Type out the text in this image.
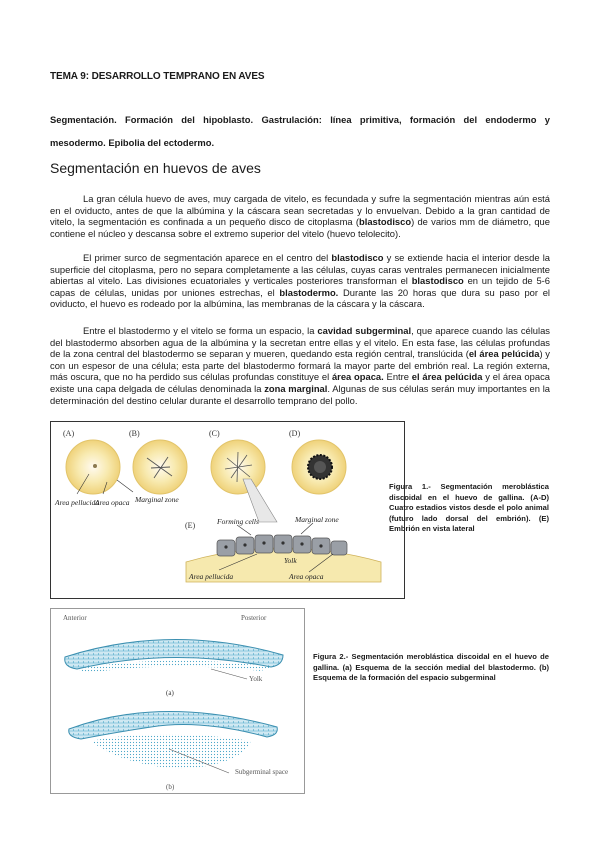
TEMA 9: DESARROLLO TEMPRANO EN AVES
Segmentación. Formación del hipoblasto. Gastrulación: línea primitiva, formación del endodermo y mesodermo. Epibolia del ectodermo.
Segmentación en huevos de aves
La gran célula huevo de aves, muy cargada de vitelo, es fecundada y sufre la segmentación mientras aún está en el oviducto, antes de que la albúmina y la cáscara sean secretadas y lo envuelvan. Debido a la gran cantidad de vitelo, la segmentación es confinada a un pequeño disco de citoplasma (blastodisco) de varios mm de diámetro, que contiene el núcleo y descansa sobre el extremo superior del vitelo (huevo telolecito).
El primer surco de segmentación aparece en el centro del blastodisco y se extiende hacia el interior desde la superficie del citoplasma, pero no separa completamente a las células, cuyas caras ventrales permanecen inicialmente abiertas al vitelo. Las divisiones ecuatoriales y verticales posteriores transforman el blastodisco en un tejido de 5-6 capas de células, unidas por uniones estrechas, el blastodermo. Durante las 20 horas que dura su paso por el oviducto, el huevo es rodeado por la albúmina, las membranas de la cáscara y la cáscara.
Entre el blastodermo y el vitelo se forma un espacio, la cavidad subgerminal, que aparece cuando las células del blastodermo absorben agua de la albúmina y la secretan entre ellas y el vitelo. En esta fase, las células profundas de la zona central del blastodermo se separan y mueren, quedando esta región central, translúcida (el área pelúcida) y con un espesor de una célula; esta parte del blastodermo formará la mayor parte del embrión real. La región externa, más oscura, que no ha perdido sus células profundas constituye el área opaca. Entre el área pelúcida y el área opaca existe una capa delgada de células denominada la zona marginal. Algunas de sus células serán muy importantes en la determinación del destino celular durante el desarrollo temprano del pollo.
(A)	(B)	(C)	(D)
(E)
Area pellucida
Area opaca Marginal zone
Forming cells	Marginal zone
Yolk
Area pellucida	Area opaca
Figura 1.- Segmentación meroblástica discoidal en el huevo de gallina. (A-D) Cuatro estadios vistos desde el polo animal (futuro lado dorsal del embrión). (E) Embrión en vista lateral
Anterior	Posterior
Yolk
(a)
Subgerminal space
(b)
Figura 2.- Segmentación meroblástica discoidal en el huevo de gallina. (a) Esquema de la sección medial del blastodermo. (b) Esquema de la formación del espacio subgerminal
